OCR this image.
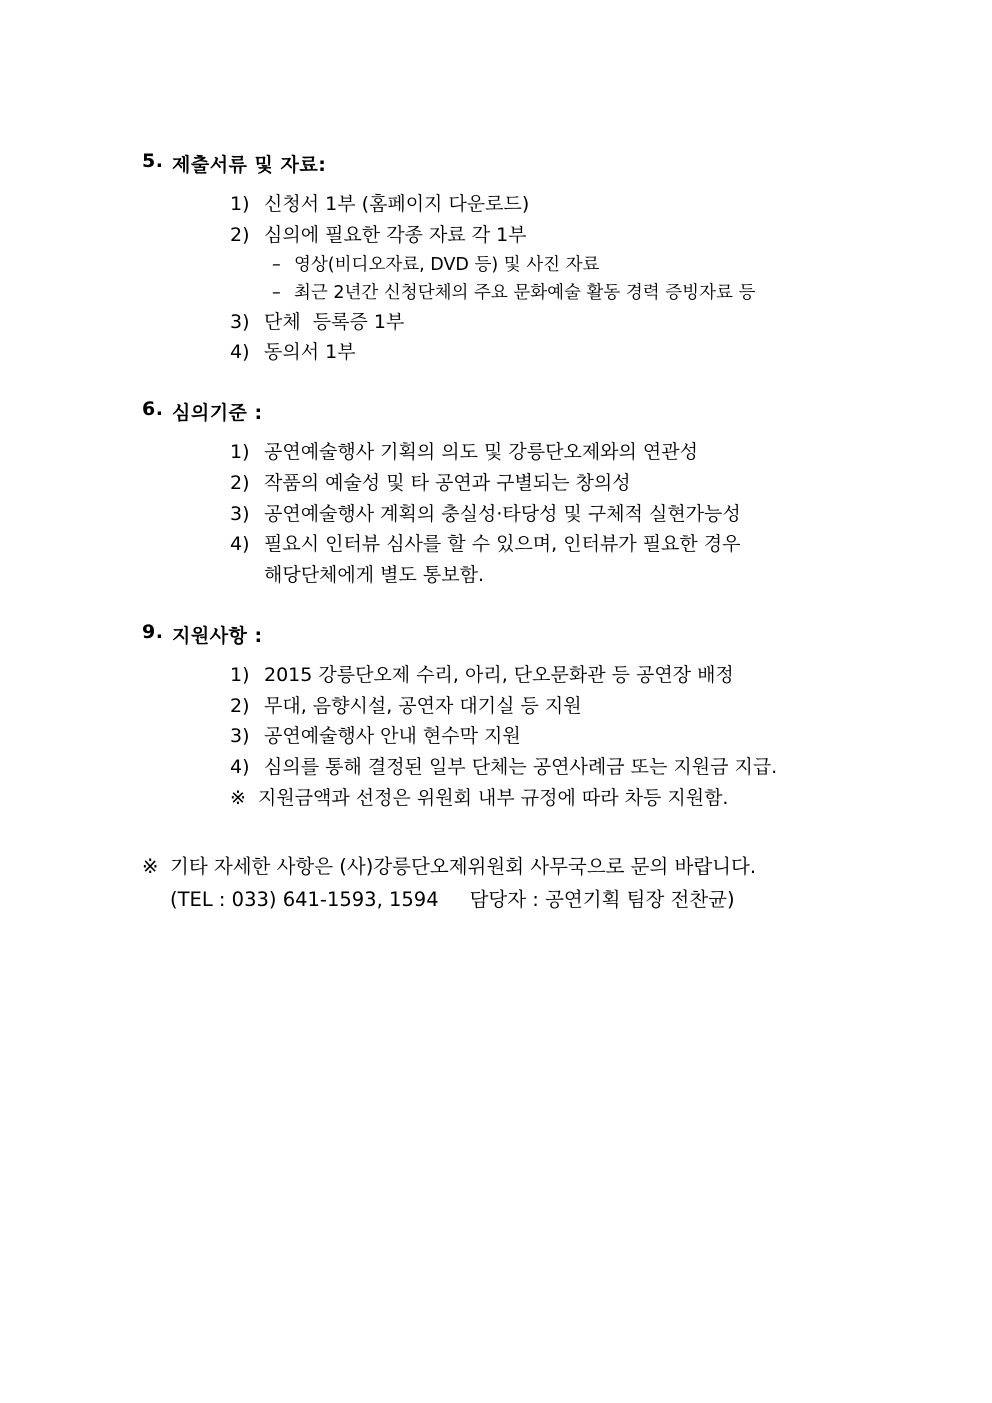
5. 제출서류 및 자료:
1) 신청서 1부 (홈페이지 다운로드)
2) 심의에 필요한 각종 자료 각 1부
– 영상(비디오자료, DVD 등) 및 사진 자료
– 최근 2년간 신청단체의 주요 문화예술 활동 경력 증빙자료 등
3) 단체  등록증 1부
4) 동의서 1부
6. 심의기준 :
1) 공연예술행사 기획의 의도 및 강릉단오제와의 연관성
2) 작품의 예술성 및 타 공연과 구별되는 창의성
3) 공연예술행사 계획의 충실성·타당성 및 구체적 실현가능성
4) 필요시 인터뷰 심사를 할 수 있으며, 인터뷰가 필요한 경우
해당단체에게 별도 통보함.
9. 지원사항 :
1) 2015 강릉단오제 수리, 아리, 단오문화관 등 공연장 배정
2) 무대, 음향시설, 공연자 대기실 등 지원
3) 공연예술행사 안내 현수막 지원
4) 심의를 통해 결정된 일부 단체는 공연사례금 또는 지원금 지급.
※ 지원금액과 선정은 위원회 내부 규정에 따라 차등 지원함.
※ 기타 자세한 사항은 (사)강릉단오제위원회 사무국으로 문의 바랍니다.
(TEL : 033) 641-1593, 1594     담당자 : 공연기획 팀장 전찬균)
